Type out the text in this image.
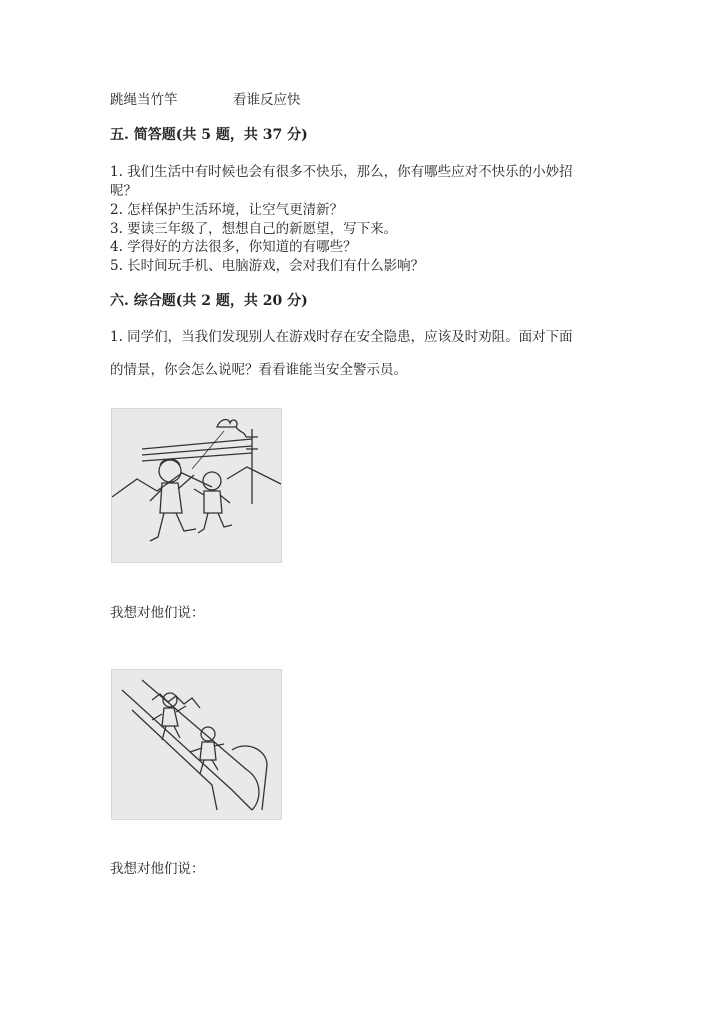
跳绳当竹竿	看谁反应快
五. 简答题(共 5 题，共 37 分)
1. 我们生活中有时候也会有很多不快乐，那么，你有哪些应对不快乐的小妙招
呢？
2. 怎样保护生活环境，让空气更清新？
3. 要读三年级了，想想自己的新愿望，写下来。
4. 学得好的方法很多，你知道的有哪些？
5. 长时间玩手机、电脑游戏，会对我们有什么影响？
六. 综合题(共 2 题，共 20 分)
1. 同学们，当我们发现别人在游戏时存在安全隐患，应该及时劝阻。面对下面
的情景，你会怎么说呢？看看谁能当安全警示员。
我想对他们说：
我想对他们说：
